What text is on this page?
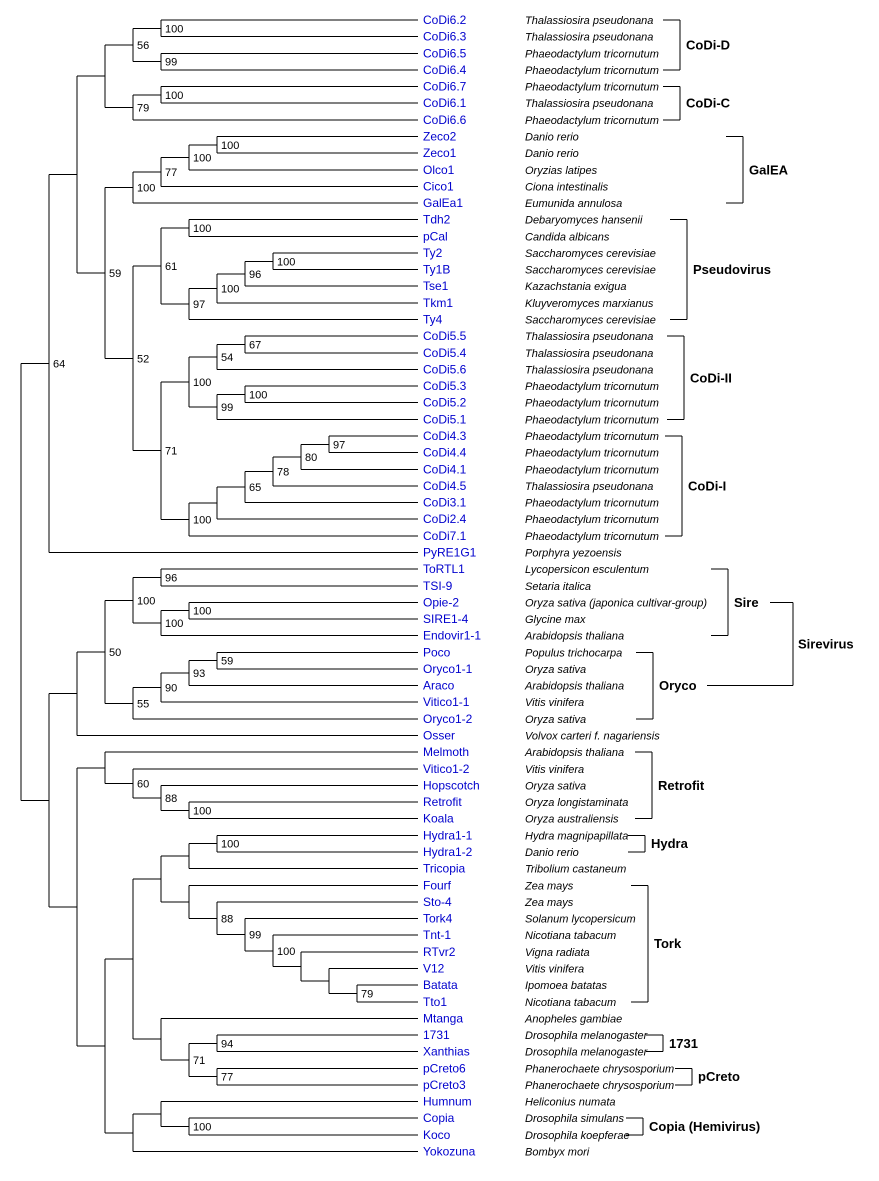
CoDi6.2	Thalassiosira pseudonana
CoDi6.3	Thalassiosira pseudonana
100
CoDi6.5	Phaeodactylum tricornutum
CoDi6.4	Phaeodactylum tricornutum
99
56
CoDi6.7	Phaeodactylum tricornutum
CoDi6.1	Thalassiosira pseudonana
100
CoDi6.6	Phaeodactylum tricornutum
79
Zeco2	Danio rerio
Zeco1	Danio rerio
100
Olco1	Oryzias latipes
100
Cico1	Ciona intestinalis
77
GalEa1	Eumunida annulosa
100
Tdh2	Debaryomyces hansenii
pCal	Candida albicans
100
Ty2	Saccharomyces cerevisiae
Ty1B	Saccharomyces cerevisiae
100
Tse1	Kazachstania exigua
96
Tkm1	Kluyveromyces marxianus
100
Ty4	Saccharomyces cerevisiae
97
61
CoDi5.5	Thalassiosira pseudonana
CoDi5.4	Thalassiosira pseudonana
67
CoDi5.6	Thalassiosira pseudonana
54
CoDi5.3	Phaeodactylum tricornutum
CoDi5.2	Phaeodactylum tricornutum
100
CoDi5.1	Phaeodactylum tricornutum
99
100
CoDi4.3	Phaeodactylum tricornutum
CoDi4.4	Phaeodactylum tricornutum
97
CoDi4.1	Phaeodactylum tricornutum
80
CoDi4.5	Thalassiosira pseudonana
78
CoDi3.1	Phaeodactylum tricornutum
65
CoDi2.4	Phaeodactylum tricornutum
CoDi7.1	Phaeodactylum tricornutum
100
71
52
59
PyRE1G1	Porphyra yezoensis
64
ToRTL1	Lycopersicon esculentum
TSI-9	Setaria italica
96
Opie-2	Oryza sativa (japonica cultivar-group)
SIRE1-4	Glycine max
100
Endovir1-1	Arabidopsis thaliana
100
100
Poco	Populus trichocarpa
Oryco1-1	Oryza sativa
59
Araco	Arabidopsis thaliana
93
Vitico1-1	Vitis vinifera
90
Oryco1-2	Oryza sativa
55
50
Osser	Volvox carteri f. nagariensis
Melmoth	Arabidopsis thaliana
Vitico1-2	Vitis vinifera
Hopscotch	Oryza sativa
Retrofit	Oryza longistaminata
Koala	Oryza australiensis
100
88
60
Hydra1-1	Hydra magnipapillata
Hydra1-2	Danio rerio
100
Tricopia	Tribolium castaneum
Fourf	Zea mays
Sto-4	Zea mays
Tork4	Solanum lycopersicum
Tnt-1	Nicotiana tabacum
RTvr2	Vigna radiata
V12	Vitis vinifera
Batata	Ipomoea batatas
Tto1	Nicotiana tabacum
79
100
99
88
Mtanga	Anopheles gambiae
1731	Drosophila melanogaster
Xanthias	Drosophila melanogaster
94
pCreto6	Phanerochaete chrysosporium
pCreto3	Phanerochaete chrysosporium
77
71
Humnum	Heliconius numata
Copia	Drosophila simulans
Koco	Drosophila koepferae
100
Yokozuna	Bombyx mori
CoDi-D
CoDi-C
GalEA
Pseudovirus
CoDi-II
CoDi-I
Sire
Oryco
Retrofit
Hydra
Tork
1731
pCreto
Copia (Hemivirus)
Sirevirus
